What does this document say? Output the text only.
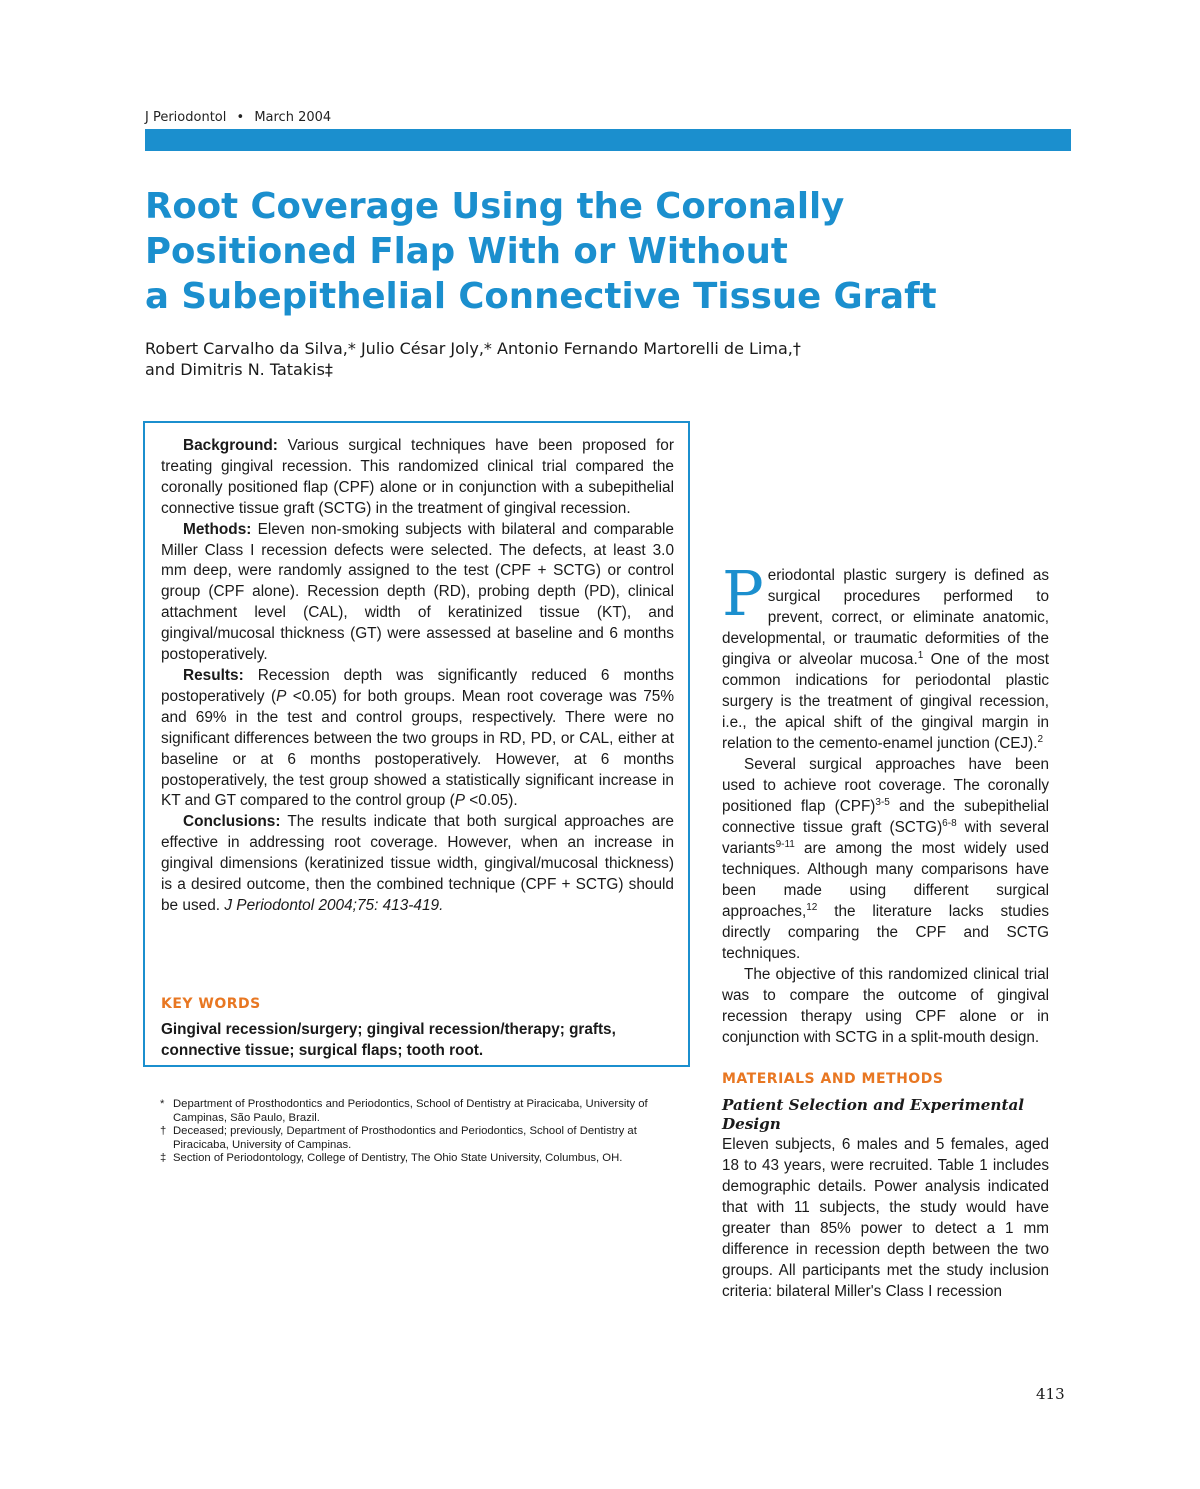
J Periodontol • March 2004
Root Coverage Using the Coronally
Positioned Flap With or Without
a Subepithelial Connective Tissue Graft
Robert Carvalho da Silva,* Julio César Joly,* Antonio Fernando Martorelli de Lima,†
and Dimitris N. Tatakis‡

Background: Various surgical techniques have been proposed for treating gingival recession. This randomized clinical trial compared the coronally positioned flap (CPF) alone or in conjunction with a subepithelial connective tissue graft (SCTG) in the treatment of gingival recession.

Methods: Eleven non-smoking subjects with bilateral and comparable Miller Class I recession defects were selected. The defects, at least 3.0 mm deep, were randomly assigned to the test (CPF + SCTG) or control group (CPF alone). Recession depth (RD), probing depth (PD), clinical attachment level (CAL), width of keratinized tissue (KT), and gingival/mucosal thickness (GT) were assessed at baseline and 6 months postoperatively.

Results: Recession depth was significantly reduced 6 months postoperatively (P <0.05) for both groups. Mean root coverage was 75% and 69% in the test and control groups, respectively. There were no significant differences between the two groups in RD, PD, or CAL, either at baseline or at 6 months postoperatively. However, at 6 months postoperatively, the test group showed a statistically significant increase in KT and GT compared to the control group (P <0.05).

Conclusions: The results indicate that both surgical approaches are effective in addressing root coverage. However, when an increase in gingival dimensions (keratinized tissue width, gingival/mucosal thickness) is a desired outcome, then the combined technique (CPF + SCTG) should be used. J Periodontol 2004;75: 413-419.

KEY WORDS
Gingival recession/surgery; gingival recession/therapy; grafts, connective tissue; surgical flaps; tooth root.

* Department of Prosthodontics and Periodontics, School of Dentistry at Piracicaba, University of Campinas, São Paulo, Brazil.

† Deceased; previously, Department of Prosthodontics and Periodontics, School of Dentistry at Piracicaba, University of Campinas.

‡ Section of Periodontology, College of Dentistry, The Ohio State University, Columbus, OH.

Periodontal plastic surgery is defined as surgical procedures performed to prevent, correct, or eliminate anatomic, developmental, or traumatic deformities of the gingiva or alveolar mucosa.$^1$ One of the most common indications for periodontal plastic surgery is the treatment of gingival recession, i.e., the apical shift of the gingival margin in relation to the cemento-enamel junction (CEJ).$^2$

Several surgical approaches have been used to achieve root coverage. The coronally positioned flap (CPF)$^{3-5}$ and the subepithelial connective tissue graft (SCTG)$^{6-8}$ with several variants$^{9-11}$ are among the most widely used techniques. Although many comparisons have been made using different surgical approaches,$^{12}$ the literature lacks studies directly comparing the CPF and SCTG techniques.

The objective of this randomized clinical trial was to compare the outcome of gingival recession therapy using CPF alone or in conjunction with SCTG in a split-mouth design.

MATERIALS AND METHODS
Patient Selection and Experimental Design

Eleven subjects, 6 males and 5 females, aged 18 to 43 years, were recruited. Table 1 includes demographic details. Power analysis indicated that with 11 subjects, the study would have greater than 85% power to detect a 1 mm difference in recession depth between the two groups. All participants met the study inclusion criteria: bilateral Miller's Class I recession

413
